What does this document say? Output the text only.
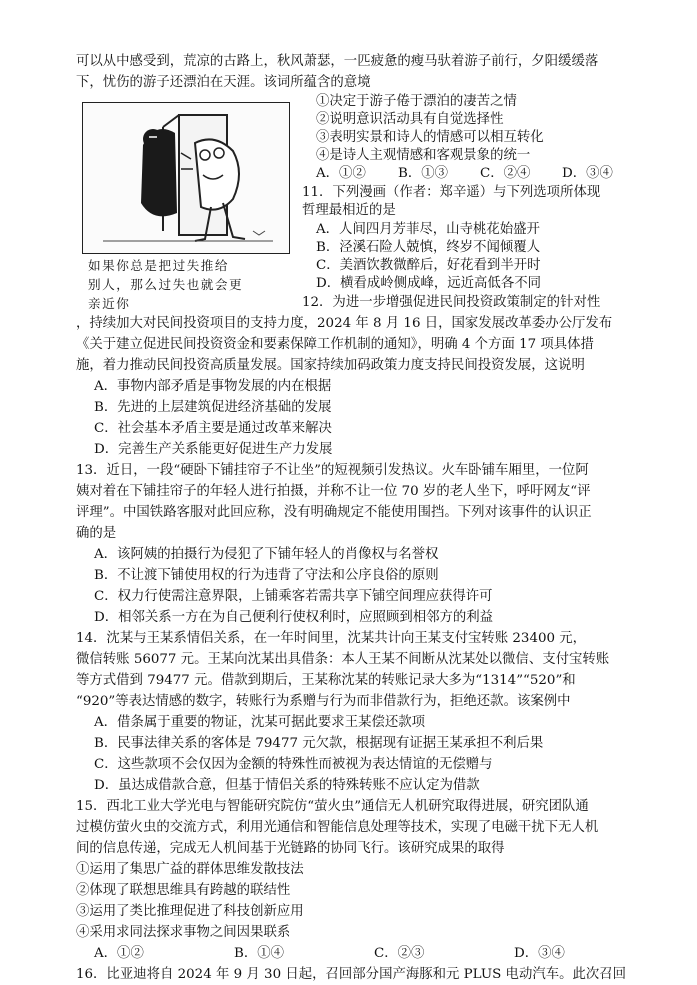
可以从中感受到，荒凉的古路上，秋风萧瑟，一匹疲惫的瘦马驮着游子前行，夕阳缓缓落
下，忧伤的游子还漂泊在天涯。该词所蕴含的意境
如果你总是把过失推给
别人，那么过失也就会更
亲近你
①决定于游子倦于漂泊的凄苦之情
②说明意识活动具有自觉选择性
③表明实景和诗人的情感可以相互转化
④是诗人主观情感和客观景象的统一
A．①② B．①③ C．②④ D．③④
11．下列漫画（作者：郑辛遥）与下列选项所体现
哲理最相近的是
A．人间四月芳菲尽，山寺桃花始盛开
B．泾溪石险人兢慎，终岁不闻倾覆人
C．美酒饮教微醉后，好花看到半开时
D．横看成岭侧成峰，远近高低各不同
12．为进一步增强促进民间投资政策制定的针对性
，持续加大对民间投资项目的支持力度，2024 年 8 月 16 日，国家发展改革委办公厅发布
《关于建立促进民间投资资金和要素保障工作机制的通知》，明确 4 个方面 17 项具体措
施，着力推动民间投资高质量发展。国家持续加码政策力度支持民间投资发展，这说明
A．事物内部矛盾是事物发展的内在根据
B．先进的上层建筑促进经济基础的发展
C．社会基本矛盾主要是通过改革来解决
D．完善生产关系能更好促进生产力发展
13．近日，一段“硬卧下铺挂帘子不让坐”的短视频引发热议。火车卧铺车厢里，一位阿
姨对着在下铺挂帘子的年轻人进行拍摄，并称不让一位 70 岁的老人坐下，呼吁网友“评
评理”。中国铁路客服对此回应称，没有明确规定不能使用围挡。下列对该事件的认识正
确的是
A．该阿姨的拍摄行为侵犯了下铺年轻人的肖像权与名誉权
B．不让渡下铺使用权的行为违背了守法和公序良俗的原则
C．权力行使需注意界限，上铺乘客若需共享下铺空间理应获得许可
D．相邻关系一方在为自己便利行使权利时，应照顾到相邻方的利益
14．沈某与王某系情侣关系，在一年时间里，沈某共计向王某支付宝转账 23400 元，
微信转账 56077 元。王某向沈某出具借条：本人王某不间断从沈某处以微信、支付宝转账
等方式借到 79477 元。借款到期后，王某称沈某的转账记录大多为“1314”“520”和
“920”等表达情感的数字，转账行为系赠与行为而非借款行为，拒绝还款。该案例中
A．借条属于重要的物证，沈某可据此要求王某偿还款项
B．民事法律关系的客体是 79477 元欠款，根据现有证据王某承担不利后果
C．这些款项不会仅因为金额的特殊性而被视为表达情谊的无偿赠与
D．虽达成借款合意，但基于情侣关系的特殊转账不应认定为借款
15．西北工业大学光电与智能研究院仿“萤火虫”通信无人机研究取得进展，研究团队通
过模仿萤火虫的交流方式，利用光通信和智能信息处理等技术，实现了电磁干扰下无人机
间的信息传递，完成无人机间基于光链路的协同飞行。该研究成果的取得
①运用了集思广益的群体思维发散技法
②体现了联想思维具有跨越的联结性
③运用了类比推理促进了科技创新应用
④采用求同法探求事物之间因果联系
A．①②	B．①④	C．②③	D．③④
16．比亚迪将自 2024 年 9 月 30 日起，召回部分国产海豚和元 PLUS 电动汽车。此次召回
